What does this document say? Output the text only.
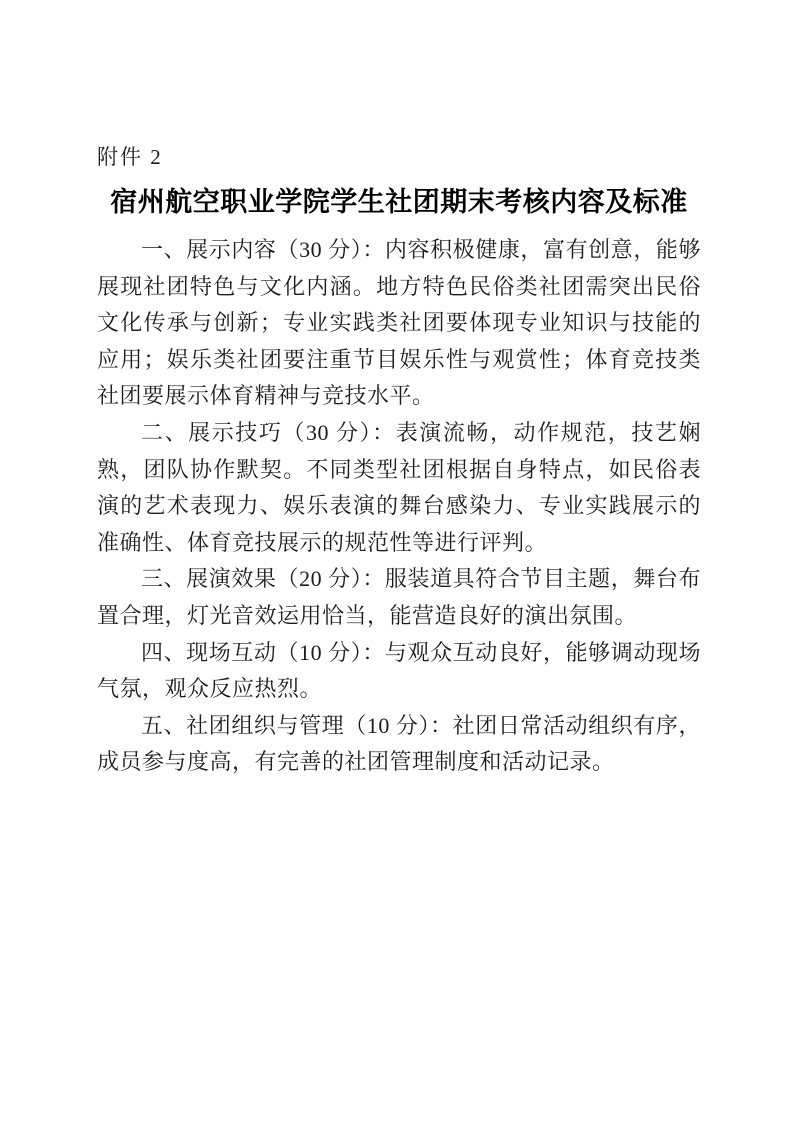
附件 2
宿州航空职业学院学生社团期末考核内容及标准

一、展示内容（30 分）：内容积极健康，富有创意，能够展现社团特色与文化内涵。地方特色民俗类社团需突出民俗文化传承与创新；专业实践类社团要体现专业知识与技能的应用；娱乐类社团要注重节目娱乐性与观赏性；体育竞技类社团要展示体育精神与竞技水平。

二、展示技巧（30 分）：表演流畅，动作规范，技艺娴熟，团队协作默契。不同类型社团根据自身特点，如民俗表演的艺术表现力、娱乐表演的舞台感染力、专业实践展示的准确性、体育竞技展示的规范性等进行评判。

三、展演效果（20 分）：服装道具符合节目主题，舞台布置合理，灯光音效运用恰当，能营造良好的演出氛围。

四、现场互动（10 分）：与观众互动良好，能够调动现场气氛，观众反应热烈。

五、社团组织与管理（10 分）：社团日常活动组织有序，成员参与度高，有完善的社团管理制度和活动记录。
